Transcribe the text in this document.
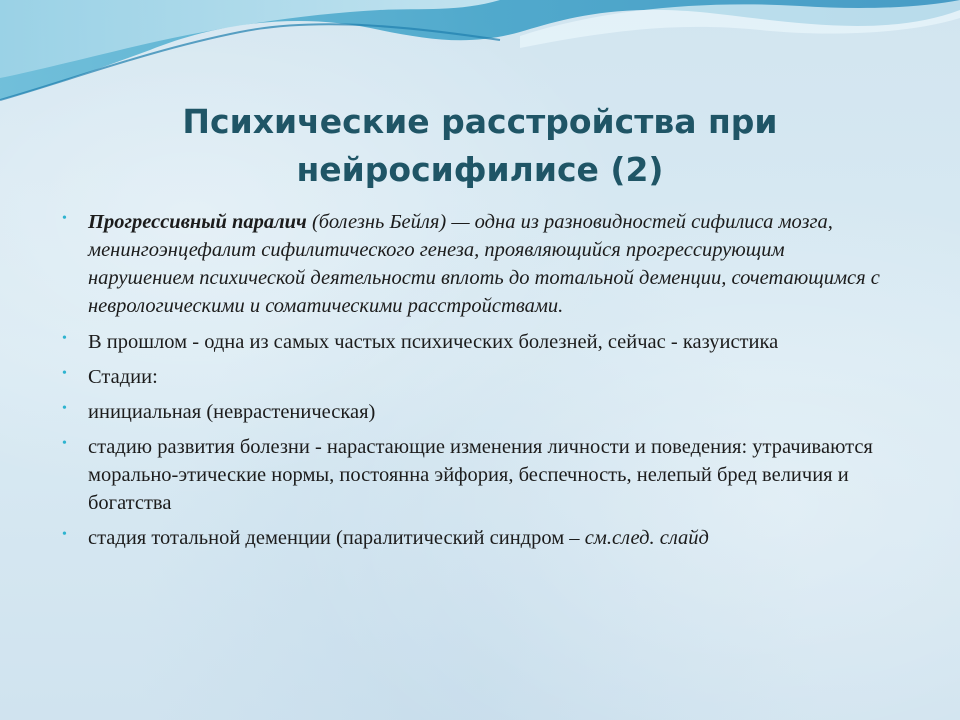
Психические расстройства при
нейросифилисе (2)
• Прогрессивный паралич (болезнь Бейля) — одна из разновидностей сифилиса мозга, менингоэнцефалит сифилитического генеза, проявляющийся прогрессирующим нарушением психической деятельности вплоть до тотальной деменции, сочетающимся с неврологическими и соматическими расстройствами.
• В прошлом - одна из самых частых психических болезней, сейчас - казуистика
• Стадии:
• инициальная (неврастеническая)
• стадию развития болезни - нарастающие изменения личности и поведения: утрачиваются морально-этические нормы, постоянна эйфория, беспечность, нелепый бред величия и богатства
• стадия тотальной деменции (паралитический синдром – см.след. слайд
